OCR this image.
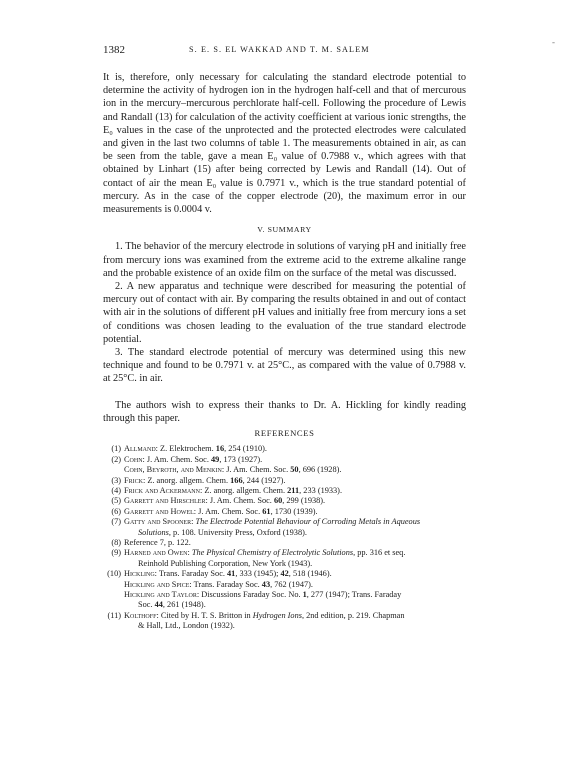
1382	S. E. S. EL WAKKAD AND T. M. SALEM
-

It is, therefore, only necessary for calculating the standard electrode potential to determine the activity of hydrogen ion in the hydrogen half-cell and that of mercurous ion in the mercury–mercurous perchlorate half-cell. Following the procedure of Lewis and Randall (13) for calculation of the activity coefficient at various ionic strengths, the E₀ values in the case of the unprotected and the protected electrodes were calculated and given in the last two columns of table 1. The measurements obtained in air, as can be seen from the table, gave a mean E₀ value of 0.7988 v., which agrees with that obtained by Linhart (15) after being corrected by Lewis and Randall (14). Out of contact of air the mean E₀ value is 0.7971 v., which is the true standard potential of mercury. As in the case of the copper electrode (20), the maximum error in our measurements is 0.0004 v.

V. SUMMARY

1. The behavior of the mercury electrode in solutions of varying pH and initially free from mercury ions was examined from the extreme acid to the extreme alkaline range and the probable existence of an oxide film on the surface of the metal was discussed.

2. A new apparatus and technique were described for measuring the potential of mercury out of contact with air. By comparing the results obtained in and out of contact with air in the solutions of different pH values and initially free from mercury ions a set of conditions was chosen leading to the evaluation of the true standard electrode potential.

3. The standard electrode potential of mercury was determined using this new technique and found to be 0.7971 v. at 25°C., as compared with the value of 0.7988 v. at 25°C. in air.

The authors wish to express their thanks to Dr. A. Hickling for kindly reading through this paper.

REFERENCES
(1) Allmand: Z. Elektrochem. 16, 254 (1910).
(2) Cohn: J. Am. Chem. Soc. 49, 173 (1927).
Cohn, Beyroth, and Menkin: J. Am. Chem. Soc. 50, 696 (1928).
(3) Frick: Z. anorg. allgem. Chem. 166, 244 (1927).
(4) Frick and Ackermann: Z. anorg. allgem. Chem. 211, 233 (1933).
(5) Garrett and Hirschler: J. Am. Chem. Soc. 60, 299 (1938).
(6) Garrett and Howel: J. Am. Chem. Soc. 61, 1730 (1939).
(7) Gatty and Spooner: The Electrode Potential Behaviour of Corroding Metals in Aqueous
Solutions, p. 108. University Press, Oxford (1938).
(8) Reference 7, p. 122.
(9) Harned and Owen: The Physical Chemistry of Electrolytic Solutions, pp. 316 et seq.
Reinhold Publishing Corporation, New York (1943).
(10) Hickling: Trans. Faraday Soc. 41, 333 (1945); 42, 518 (1946).
Hickling and Spice: Trans. Faraday Soc. 43, 762 (1947).
Hickling and Taylor: Discussions Faraday Soc. No. 1, 277 (1947); Trans. Faraday
Soc. 44, 261 (1948).
(11) Kolthoff: Cited by H. T. S. Britton in Hydrogen Ions, 2nd edition, p. 219. Chapman
& Hall, Ltd., London (1932).
